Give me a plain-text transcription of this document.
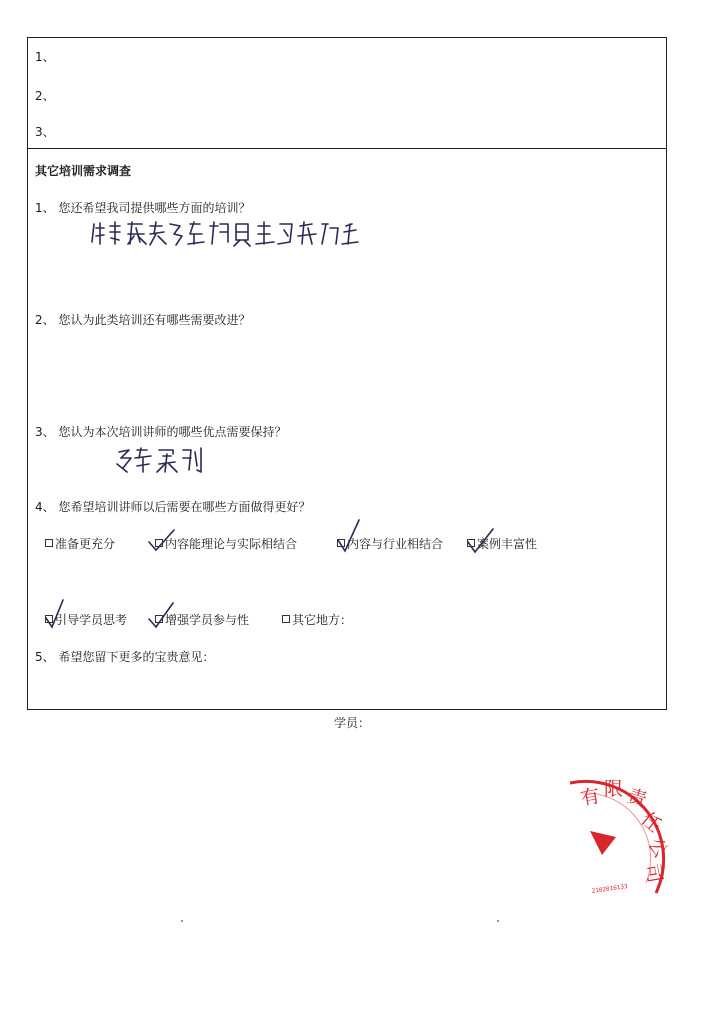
1、
2、
3、
其它培训需求调查
1、 您还希望我司提供哪些方面的培训？
2、 您认为此类培训还有哪些需要改进？
3、 您认为本次培训讲师的哪些优点需要保持？
4、 您希望培训讲师以后需要在哪些方面做得更好？
准备更充分	内容能理论与实际相结合	内容与行业相结合	案例丰富性
引导学员思考	增强学员参与性	其它地方：
5、 希望您留下更多的宝贵意见：
学员：
有 限 责
任
公
司
2102016133
